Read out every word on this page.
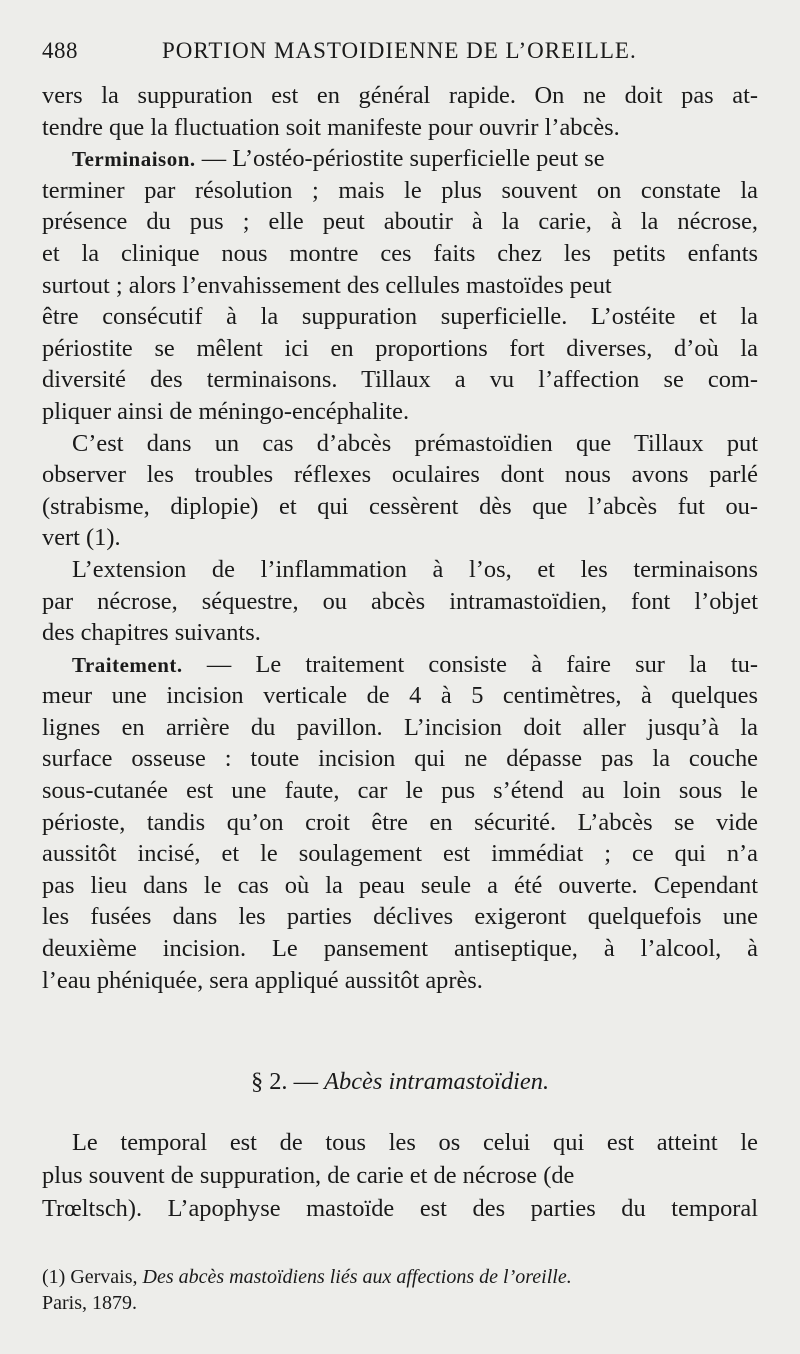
488	PORTION MASTOIDIENNE DE L’OREILLE.
vers la suppuration est en général rapide. On ne doit pas at-
tendre que la fluctuation soit manifeste pour ouvrir l’abcès.
Terminaison. — L’ostéo-périostite superficielle peut se
terminer par résolution ; mais le plus souvent on constate la
présence du pus ; elle peut aboutir à la carie, à la nécrose,
et la clinique nous montre ces faits chez les petits enfants
surtout ; alors l’envahissement des cellules mastoïdes peut
être consécutif à la suppuration superficielle. L’ostéite et la
périostite se mêlent ici en proportions fort diverses, d’où la
diversité des terminaisons. Tillaux a vu l’affection se com-
pliquer ainsi de méningo-encéphalite.
C’est dans un cas d’abcès prémastoïdien que Tillaux put
observer les troubles réflexes oculaires dont nous avons parlé
(strabisme, diplopie) et qui cessèrent dès que l’abcès fut ou-
vert (1).
L’extension de l’inflammation à l’os, et les terminaisons
par nécrose, séquestre, ou abcès intramastoïdien, font l’objet
des chapitres suivants.
Traitement. — Le traitement consiste à faire sur la tu-
meur une incision verticale de 4 à 5 centimètres, à quelques
lignes en arrière du pavillon. L’incision doit aller jusqu’à la
surface osseuse : toute incision qui ne dépasse pas la couche
sous-cutanée est une faute, car le pus s’étend au loin sous le
périoste, tandis qu’on croit être en sécurité. L’abcès se vide
aussitôt incisé, et le soulagement est immédiat ; ce qui n’a
pas lieu dans le cas où la peau seule a été ouverte. Cependant
les fusées dans les parties déclives exigeront quelquefois une
deuxième incision. Le pansement antiseptique, à l’alcool, à
l’eau phéniquée, sera appliqué aussitôt après.
§ 2. — Abcès intramastoïdien.
Le temporal est de tous les os celui qui est atteint le
plus souvent de suppuration, de carie et de nécrose (de
Trœltsch). L’apophyse mastoïde est des parties du temporal
(1) Gervais, Des abcès mastoïdiens liés aux affections de l’oreille.
Paris, 1879.
